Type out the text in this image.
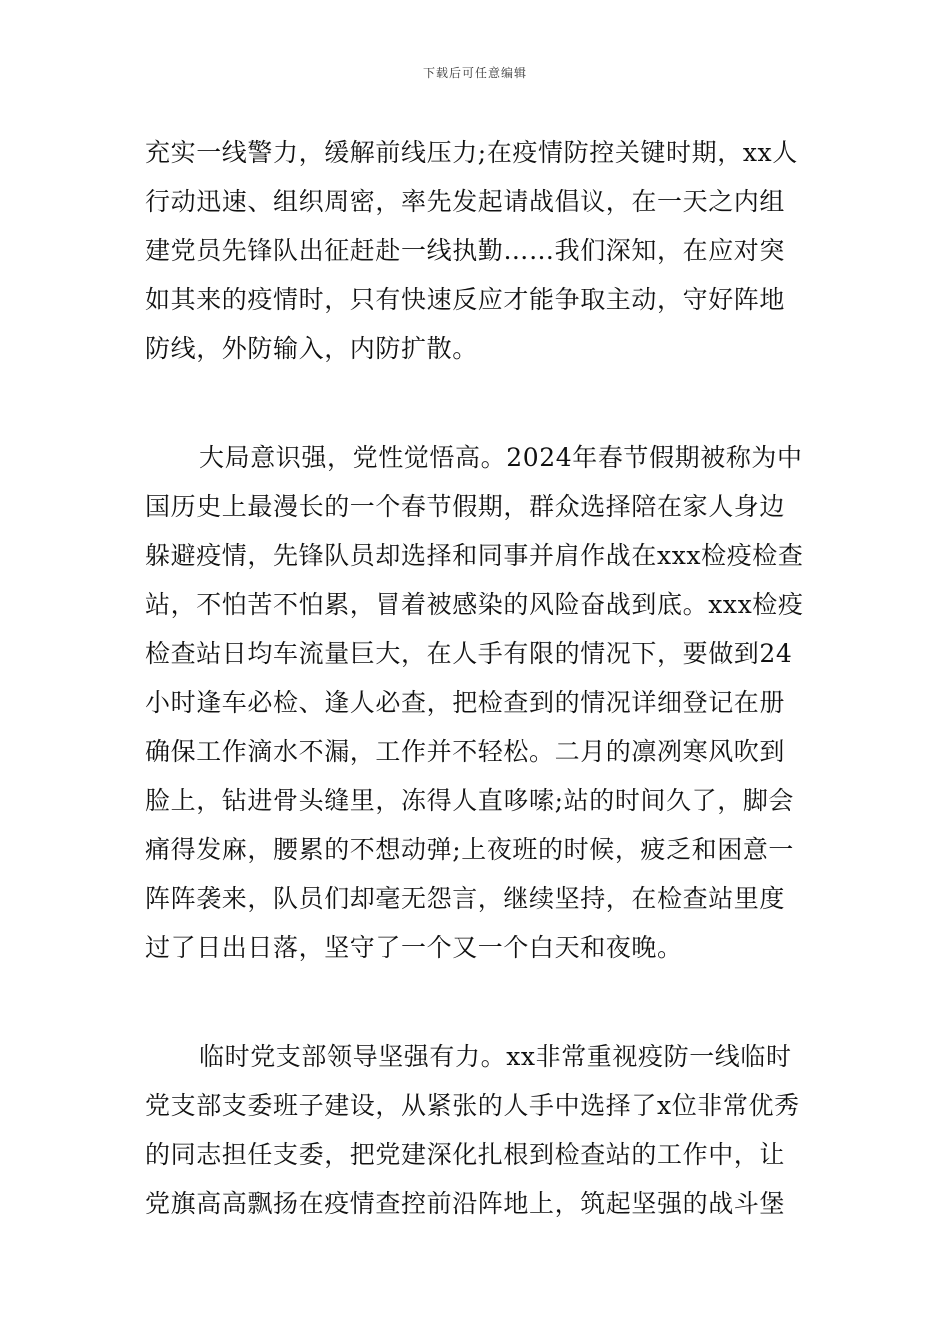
下载后可任意编辑
充实一线警力，缓解前线压力;在疫情防控关键时期，xx人
行动迅速、组织周密，率先发起请战倡议，在一天之内组
建党员先锋队出征赶赴一线执勤……我们深知，在应对突
如其来的疫情时，只有快速反应才能争取主动，守好阵地
防线，外防输入，内防扩散。
大局意识强，党性觉悟高。2024年春节假期被称为中
国历史上最漫长的一个春节假期，群众选择陪在家人身边
躲避疫情，先锋队员却选择和同事并肩作战在xxx检疫检查
站，不怕苦不怕累，冒着被感染的风险奋战到底。xxx检疫
检查站日均车流量巨大，在人手有限的情况下，要做到24
小时逢车必检、逢人必查，把检查到的情况详细登记在册
确保工作滴水不漏，工作并不轻松。二月的凛冽寒风吹到
脸上，钻进骨头缝里，冻得人直哆嗦;站的时间久了，脚会
痛得发麻，腰累的不想动弹;上夜班的时候，疲乏和困意一
阵阵袭来，队员们却毫无怨言，继续坚持，在检查站里度
过了日出日落，坚守了一个又一个白天和夜晚。
临时党支部领导坚强有力。xx非常重视疫防一线临时
党支部支委班子建设，从紧张的人手中选择了x位非常优秀
的同志担任支委，把党建深化扎根到检查站的工作中，让
党旗高高飘扬在疫情查控前沿阵地上，筑起坚强的战斗堡
